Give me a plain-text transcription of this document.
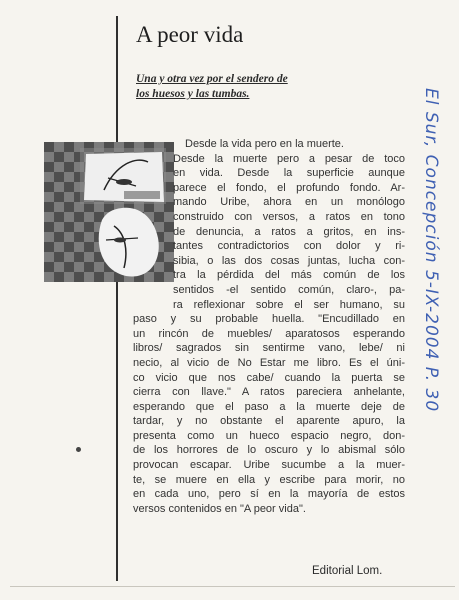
A peor vida
Una y otra vez por el sendero de
los huesos y las tumbas.
Desde la vida pero en la muerte.
Desde la muerte pero a pesar de toco
en vida. Desde la superficie aunque
parece el fondo, el profundo fondo. Ar-
mando Uribe, ahora en un monólogo
construido con versos, a ratos en tono
de denuncia, a ratos a gritos, en ins-
tantes contradictorios con dolor y ri-
sibia, o las dos cosas juntas, lucha con-
tra la pérdida del más común de los
sentidos -el sentido común, claro-, pa-
ra reflexionar sobre el ser humano, su
paso y su probable huella. "Encudillado en
un rincón de muebles/ aparatosos esperando
libros/ sagrados sin sentirme vano, lebe/ ni
necio, al vicio de No Estar me libro. Es el úni-
co vicio que nos cabe/ cuando la puerta se
cierra con llave." A ratos pareciera anhelante,
esperando que el paso a la muerte deje de
tardar, y no obstante el aparente apuro, la
presenta como un hueco espacio negro, don-
de los horrores de lo oscuro y lo abismal sólo
provocan escapar. Uribe sucumbe a la muer-
te, se muere en ella y escribe para morir, no
en cada uno, pero sí en la mayoría de estos
versos contenidos en "A peor vida".
Editorial Lom.
El Sur, Concepción 5-IX-2004 P. 30
